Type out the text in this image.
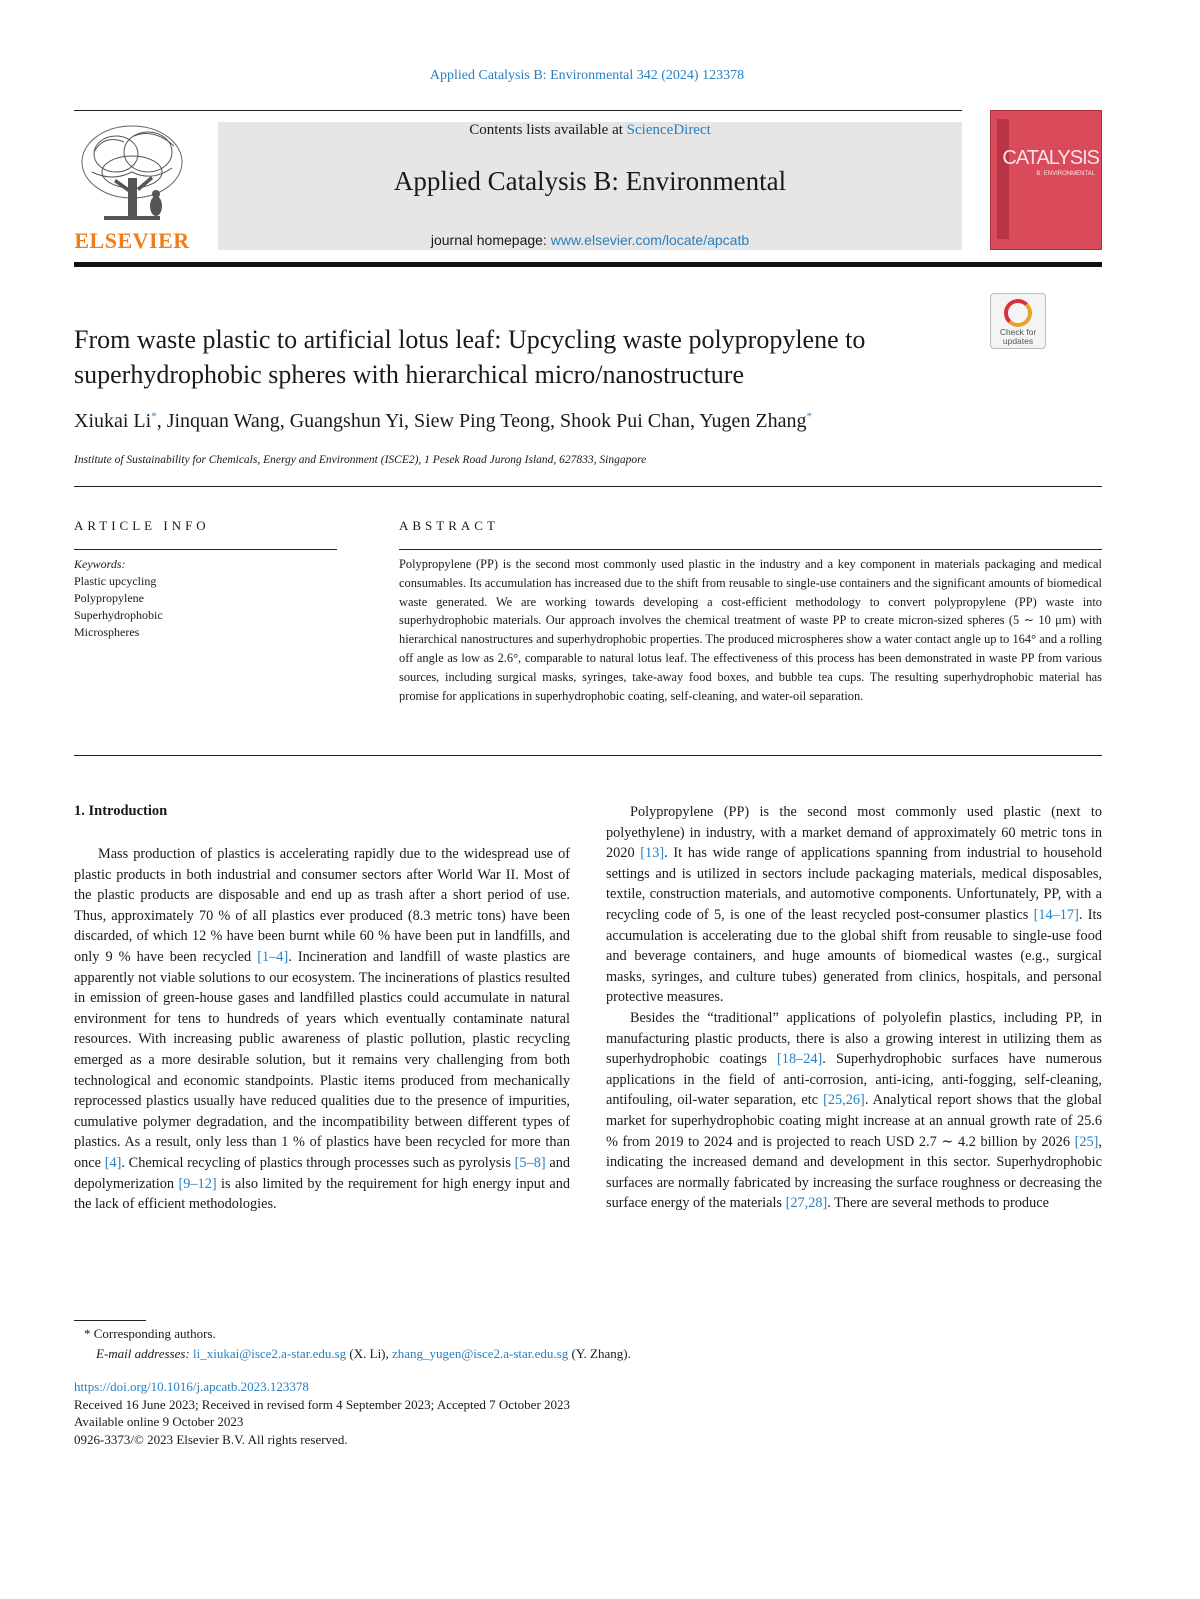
Applied Catalysis B: Environmental 342 (2024) 123378
ELSEVIER
Contents lists available at ScienceDirect
Applied Catalysis B: Environmental
journal homepage: www.elsevier.com/locate/apcatb
CATALYSIS
B: ENVIRONMENTAL
Check for updates
From waste plastic to artificial lotus leaf: Upcycling waste polypropylene to superhydrophobic spheres with hierarchical micro/nanostructure
Xiukai Li*, Jinquan Wang, Guangshun Yi, Siew Ping Teong, Shook Pui Chan, Yugen Zhang*
Institute of Sustainability for Chemicals, Energy and Environment (ISCE2), 1 Pesek Road Jurong Island, 627833, Singapore
ARTICLE INFO	ABSTRACT
Keywords:
Plastic upcycling
Polypropylene
Superhydrophobic
Microspheres
Polypropylene (PP) is the second most commonly used plastic in the industry and a key component in materials packaging and medical consumables. Its accumulation has increased due to the shift from reusable to single-use containers and the significant amounts of biomedical waste generated. We are working towards developing a cost-efficient methodology to convert polypropylene (PP) waste into superhydrophobic materials. Our approach involves the chemical treatment of waste PP to create micron-sized spheres (5 ∼ 10 μm) with hierarchical nanostructures and superhydrophobic properties. The produced microspheres show a water contact angle up to 164° and a rolling off angle as low as 2.6°, comparable to natural lotus leaf. The effectiveness of this process has been demonstrated in waste PP from various sources, including surgical masks, syringes, take-away food boxes, and bubble tea cups. The resulting superhydrophobic material has promise for applications in superhydrophobic coating, self-cleaning, and water-oil separation.
1. Introduction

Mass production of plastics is accelerating rapidly due to the widespread use of plastic products in both industrial and consumer sectors after World War II. Most of the plastic products are disposable and end up as trash after a short period of use. Thus, approximately 70 % of all plastics ever produced (8.3 metric tons) have been discarded, of which 12 % have been burnt while 60 % have been put in landfills, and only 9 % have been recycled [1–4]. Incineration and landfill of waste plastics are apparently not viable solutions to our ecosystem. The incinerations of plastics resulted in emission of green-house gases and landfilled plastics could accumulate in natural environment for tens to hundreds of years which eventually contaminate natural resources. With increasing public awareness of plastic pollution, plastic recycling emerged as a more desirable solution, but it remains very challenging from both technological and economic standpoints. Plastic items produced from mechanically reprocessed plastics usually have reduced qualities due to the presence of impurities, cumulative polymer degradation, and the incompatibility between different types of plastics. As a result, only less than 1 % of plastics have been recycled for more than once [4]. Chemical recycling of plastics through processes such as pyrolysis [5–8] and depolymerization [9–12] is also limited by the requirement for high energy input and the lack of efficient methodologies.

Polypropylene (PP) is the second most commonly used plastic (next to polyethylene) in industry, with a market demand of approximately 60 metric tons in 2020 [13]. It has wide range of applications spanning from industrial to household settings and is utilized in sectors include packaging materials, medical disposables, textile, construction materials, and automotive components. Unfortunately, PP, with a recycling code of 5, is one of the least recycled post-consumer plastics [14–17]. Its accumulation is accelerating due to the global shift from reusable to single-use food and beverage containers, and huge amounts of biomedical wastes (e.g., surgical masks, syringes, and culture tubes) generated from clinics, hospitals, and personal protective measures.

Besides the “traditional” applications of polyolefin plastics, including PP, in manufacturing plastic products, there is also a growing interest in utilizing them as superhydrophobic coatings [18–24]. Superhydrophobic surfaces have numerous applications in the field of anti-corrosion, anti-icing, anti-fogging, self-cleaning, antifouling, oil-water separation, etc [25,26]. Analytical report shows that the global market for superhydrophobic coating might increase at an annual growth rate of 25.6 % from 2019 to 2024 and is projected to reach USD 2.7 ∼ 4.2 billion by 2026 [25], indicating the increased demand and development in this sector. Superhydrophobic surfaces are normally fabricated by increasing the surface roughness or decreasing the surface energy of the materials [27,28]. There are several methods to produce

* Corresponding authors.
E-mail addresses: li_xiukai@isce2.a-star.edu.sg (X. Li), zhang_yugen@isce2.a-star.edu.sg (Y. Zhang).
https://doi.org/10.1016/j.apcatb.2023.123378
Received 16 June 2023; Received in revised form 4 September 2023; Accepted 7 October 2023
Available online 9 October 2023
0926-3373/© 2023 Elsevier B.V. All rights reserved.
